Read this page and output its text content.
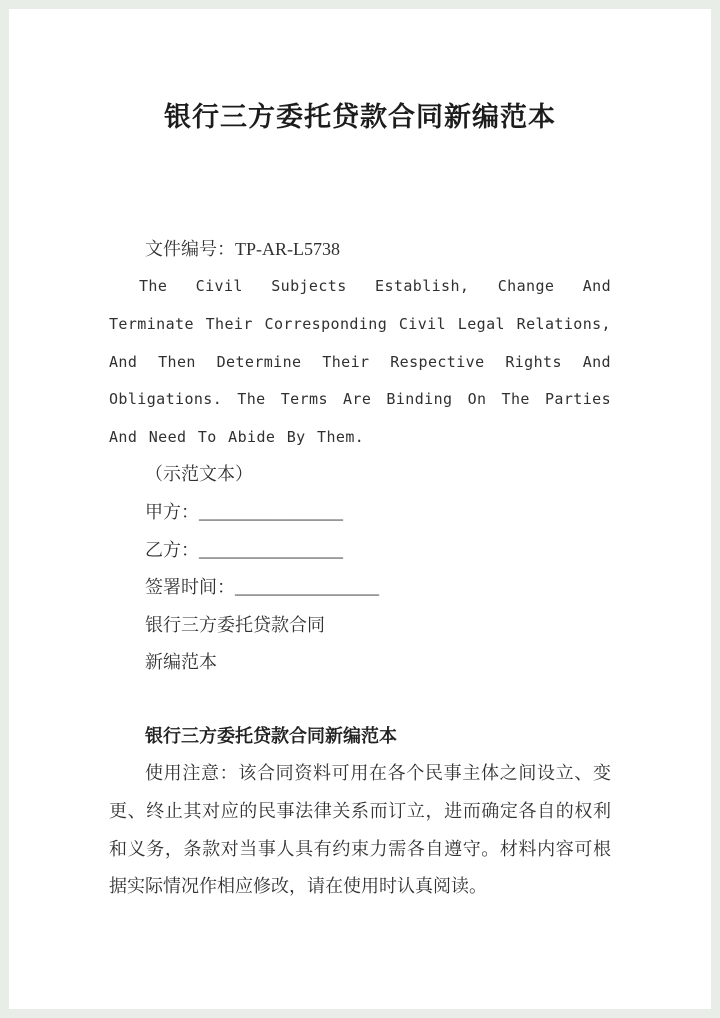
银行三方委托贷款合同新编范本

文件编号：TP-AR-L5738

The Civil Subjects Establish, Change And Terminate Their Corresponding Civil Legal Relations, And Then Determine Their Respective Rights And Obligations. The Terms Are Binding On The Parties And Need To Abide By Them.

（示范文本）

甲方：________________

乙方：________________

签署时间：________________

银行三方委托贷款合同

新编范本

银行三方委托贷款合同新编范本

使用注意：该合同资料可用在各个民事主体之间设立、变更、终止其对应的民事法律关系而订立，进而确定各自的权利和义务，条款对当事人具有约束力需各自遵守。材料内容可根据实际情况作相应修改，请在使用时认真阅读。
